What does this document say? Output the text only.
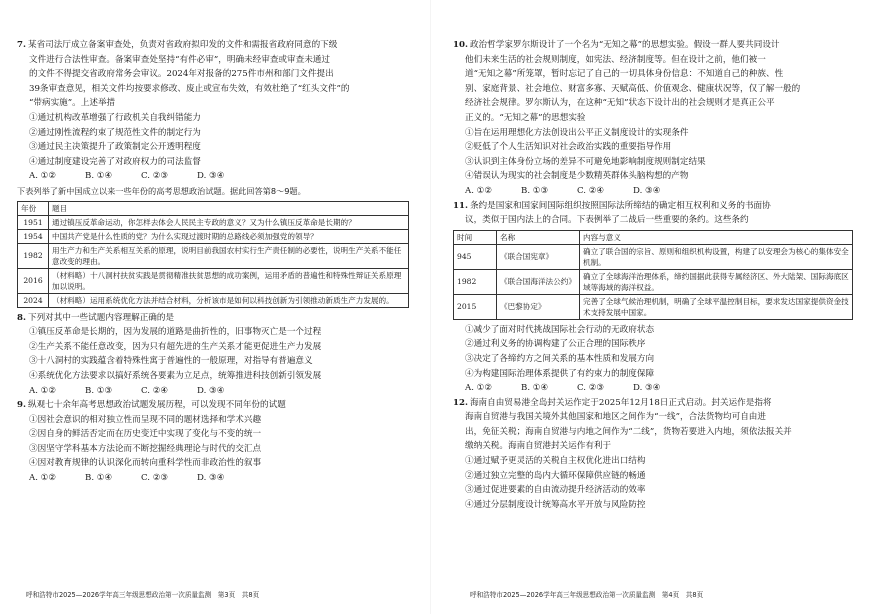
7. 某省司法厅成立备案审查处，负责对省政府拟印发的文件和需报省政府同意的下级
文件进行合法性审查。备案审查处坚持“有件必审”，明确未经审查或审查未通过
的文件不得提交省政府常务会审议。2024年对报备的275件市州和部门文件提出
39条审查意见，相关文件均按要求修改、废止或宣布失效，有效杜绝了“红头文件”的
“带病实施”。上述举措
①通过机构改革增强了行政机关自我纠错能力
②通过刚性流程约束了规范性文件的制定行为
③通过民主决策提升了政策制定公开透明程度
④通过制度建设完善了对政府权力的司法监督
A. ①②	B. ①④	C. ②③	D. ③④
下表列举了新中国成立以来一些年份的高考思想政治试题。据此回答第8～9题。
年份	题目
1951	通过镇压反革命运动，你怎样去体会人民民主专政的意义？又为什么镇压反革命是长期的？
1954	中国共产党是什么性质的党？为什么实现过渡时期的总路线必须加强党的领导？
1982	用生产力和生产关系相互关系的原理，说明目前我国农村实行生产责任制的必要性，说明生产关系不能任意改变的理由。
2016	（材料略）十八洞村扶贫实践是贯彻精准扶贫思想的成功案例，运用矛盾的普遍性和特殊性辩证关系原理加以说明。
2024	（材料略）运用系统优化方法并结合材料，分析该市是如何以科技创新为引领推动新质生产力发展的。
8. 下列对其中一些试题内容理解正确的是
①镇压反革命是长期的，因为发展的道路是曲折性的，旧事物灭亡是一个过程
②生产关系不能任意改变，因为只有超先进的生产关系才能更促进生产力发展
③十八洞村的实践蕴含着特殊性寓于普遍性的一般原理，对指导有普遍意义
④系统优化方法要求以搞好系统各要素为立足点，统筹推进科技创新引领发展
A. ①②	B. ①③	C. ②④	D. ③④
9. 纵观七十余年高考思想政治试题发展历程，可以发现不同年份的试题
①因社会意识的相对独立性而呈现不同的题材选择和学术兴趣
②因自身的鲜活否定而在历史变迁中实现了变化与不变的统一
③因坚守学科基本方法论而不断挖掘经典理论与时代的交汇点
④因对教育规律的认识深化而转向重科学性而非政治性的叙事
A. ①②	B. ①④	C. ②③	D. ③④
10. 政治哲学家罗尔斯设计了一个名为“无知之幕”的思想实验。假设一群人要共同设计
他们未来生活的社会规则制度，如宪法、经济制度等。但在设计之前，他们被一
道“无知之幕”所笼罩，暂时忘记了自己的一切具体身份信息：不知道自己的种族、性
别、家庭背景、社会地位、财富多寡、天赋高低、价值观念、健康状况等，仅了解一般的
经济社会规律。罗尔斯认为，在这种“无知”状态下设计出的社会规则才是真正公平
正义的。“无知之幕”的思想实验
①旨在运用理想化方法创设出公平正义制度设计的实现条件
②贬低了个人生活知识对社会政治实践的重要指导作用
③认识到主体身份立场的差异不可避免地影响制度规则制定结果
④错误认为现实的社会制度是少数精英群体头脑构想的产物
A. ①②	B. ①③	C. ②④	D. ③④
11. 条约是国家和国家间国际组织按照国际法所缔结的确定相互权利和义务的书面协
议，类似于国内法上的合同。下表例举了二战后一些重要的条约。这些条约
时间	名称	内容与意义
945	《联合国宪章》	确立了联合国的宗旨、原则和组织机构设置，构建了以安理会为核心的集体安全机制。
1982	《联合国海洋法公约》	确立了全球海洋治理体系，缔约国据此获得专属经济区、外大陆架、国际海底区域等海域的海洋权益。
2015	《巴黎协定》	完善了全球气候治理机制，明确了全球平温控制目标，要求发达国家提供资金技术支持发展中国家。
①减少了面对时代挑战国际社会行动的无政府状态
②通过利义务的协调构建了公正合理的国际秩序
③决定了各缔约方之间关系的基本性质和发展方向
④为构建国际治理体系提供了有约束力的制度保障
A. ①②	B. ①④	C. ②③	D. ③④
12. 海南自由贸易港全岛封关运作定于2025年12月18日正式启动。封关运作是指将
海南自贸港与我国关境外其他国家和地区之间作为“一线”，合法货物均可自由进
出，免征关税；海南自贸港与内地之间作为“二线”，货物若要进入内地，须依法报关并
缴纳关税。海南自贸港封关运作有利于
①通过赋予更灵活的关税自主权优化进出口结构
②通过独立完整的岛内大循环保障供应链的畅通
③通过促进要素的自由流动提升经济活动的效率
④通过分层制度设计统筹高水平开放与风险防控
呼和浩特市2025—2026学年高三年级思想政治第一次质量监测　第3页　共8页	呼和浩特市2025—2026学年高三年级思想政治第一次质量监测　第4页　共8页
